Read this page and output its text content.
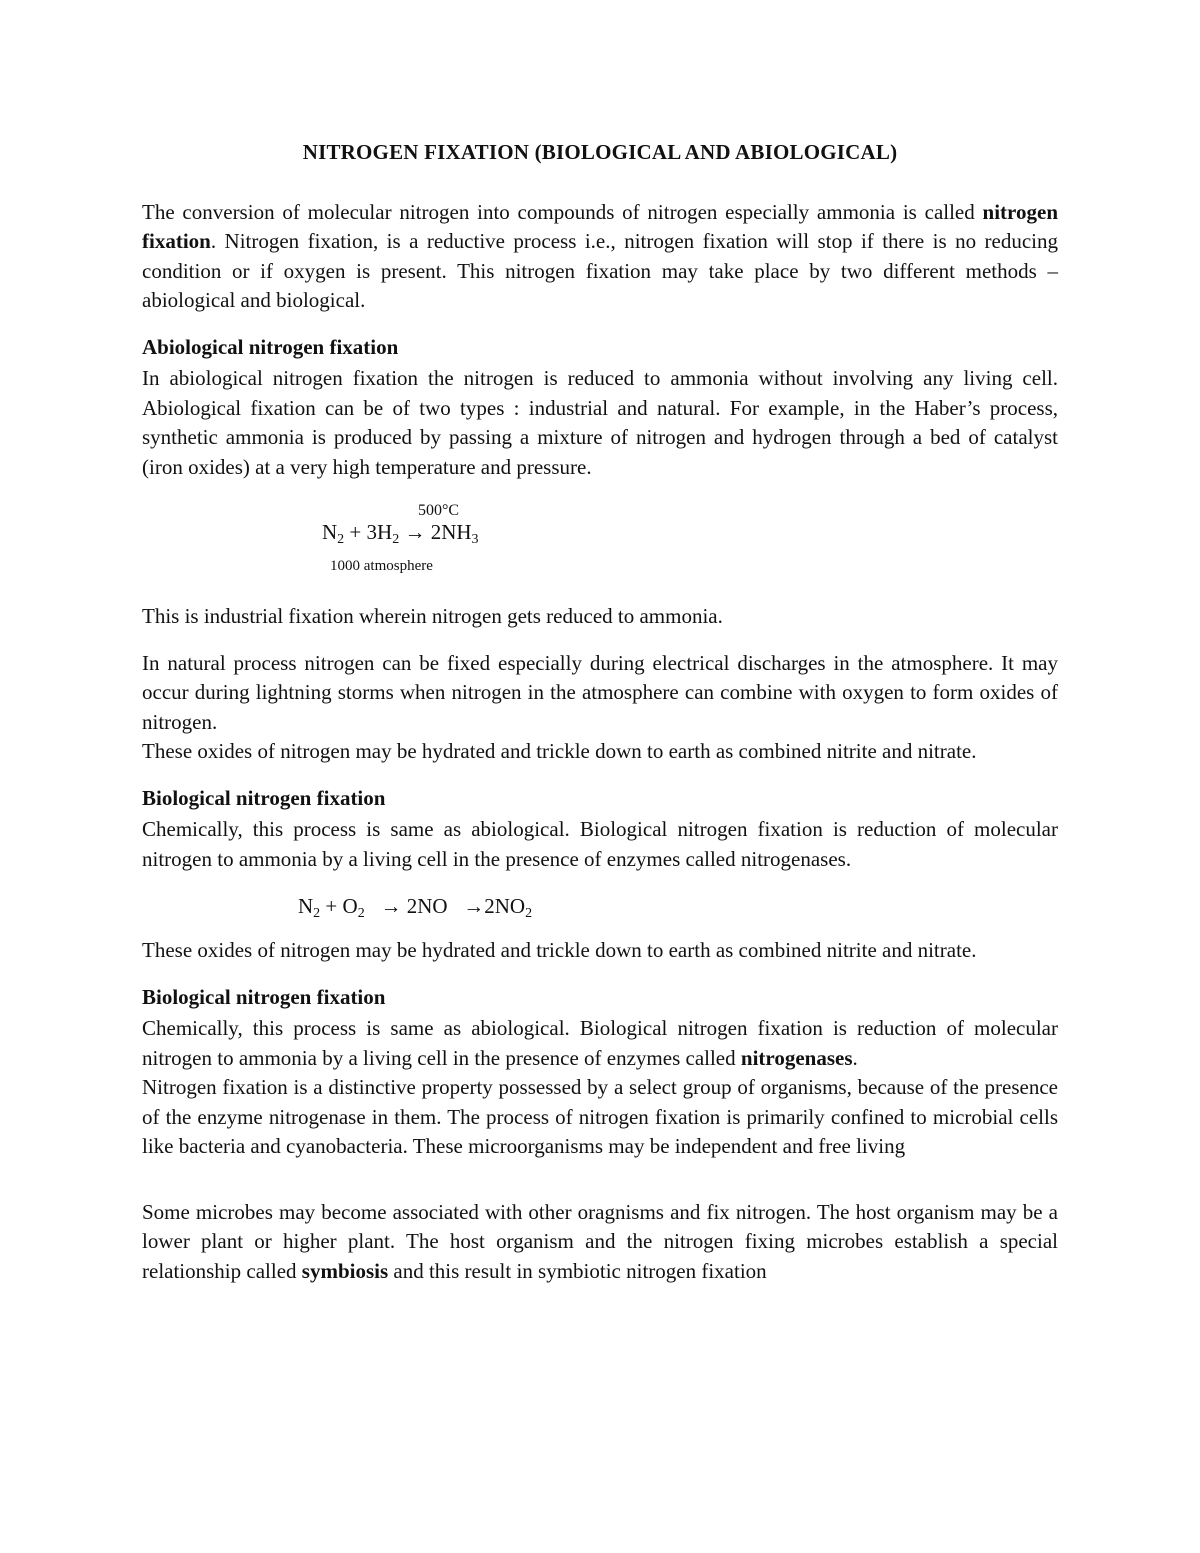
NITROGEN FIXATION (BIOLOGICAL AND ABIOLOGICAL)

The conversion of molecular nitrogen into compounds of nitrogen especially ammonia is called nitrogen fixation. Nitrogen fixation, is a reductive process i.e., nitrogen fixation will stop if there is no reducing condition or if oxygen is present. This nitrogen fixation may take place by two different methods – abiological and biological.

Abiological nitrogen fixation

In abiological nitrogen fixation the nitrogen is reduced to ammonia without involving any living cell. Abiological fixation can be of two types : industrial and natural. For example, in the Haber’s process, synthetic ammonia is produced by passing a mixture of nitrogen and hydrogen through a bed of catalyst (iron oxides) at a very high temperature and pressure.

500°C
$N_2 + 3H_2 \to 2NH_3$
1000 atmosphere

This is industrial fixation wherein nitrogen gets reduced to ammonia.

In natural process nitrogen can be fixed especially during electrical discharges in the atmosphere. It may occur during lightning storms when nitrogen in the atmosphere can combine with oxygen to form oxides of nitrogen.

These oxides of nitrogen may be hydrated and trickle down to earth as combined nitrite and nitrate.

Biological nitrogen fixation

Chemically, this process is same as abiological. Biological nitrogen fixation is reduction of molecular nitrogen to ammonia by a living cell in the presence of enzymes called nitrogenases.

$N_2 + O_2 \to 2NO \to 2NO_2$

These oxides of nitrogen may be hydrated and trickle down to earth as combined nitrite and nitrate.

Biological nitrogen fixation

Chemically, this process is same as abiological. Biological nitrogen fixation is reduction of molecular nitrogen to ammonia by a living cell in the presence of enzymes called nitrogenases.

Nitrogen fixation is a distinctive property possessed by a select group of organisms, because of the presence of the enzyme nitrogenase in them. The process of nitrogen fixation is primarily confined to microbial cells like bacteria and cyanobacteria. These microorganisms may be independent and free living

Some microbes may become associated with other oragnisms and fix nitrogen. The host organism may be a lower plant or higher plant. The host organism and the nitrogen fixing microbes establish a special relationship called symbiosis and this result in symbiotic nitrogen fixation
